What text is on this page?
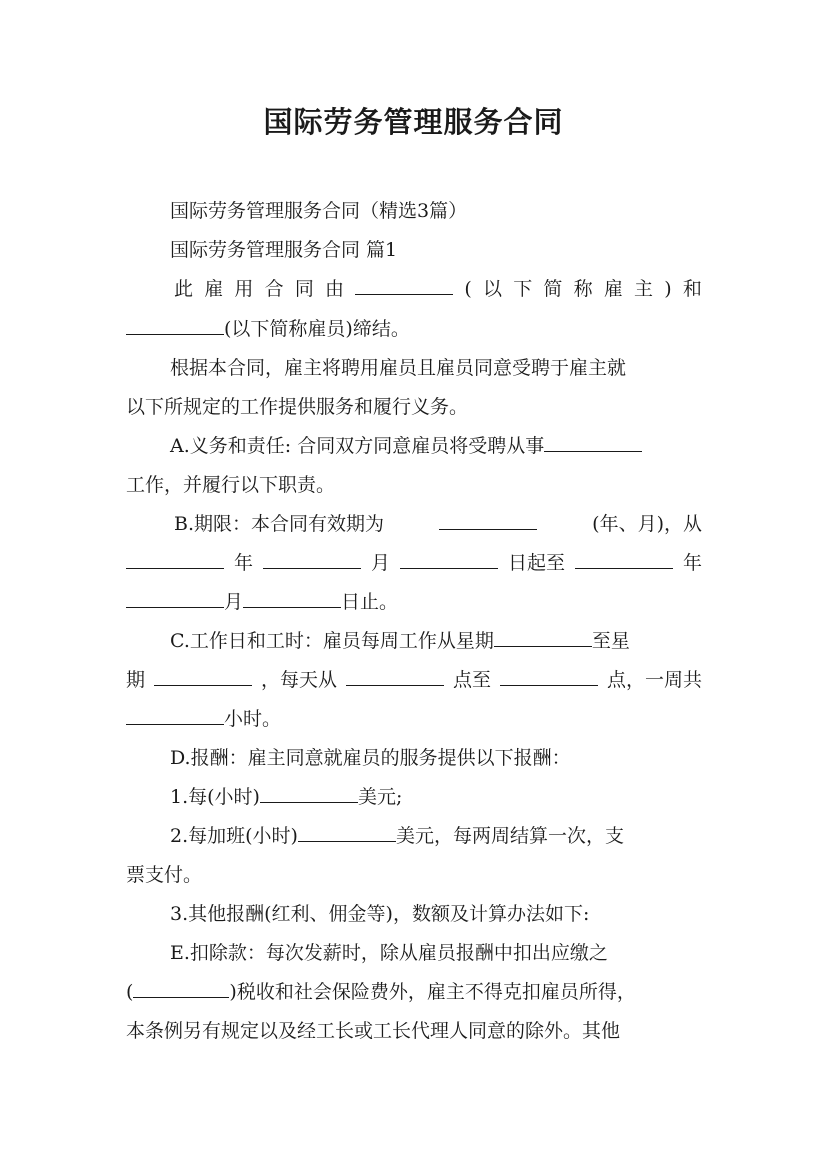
国际劳务管理服务合同
国际劳务管理服务合同（精选3篇）
国际劳务管理服务合同 篇1
此 雇 用 合 同 由	( 以 下 简 称 雇 主 ) 和
(以下简称雇员)缔结。
根据本合同，雇主将聘用雇员且雇员同意受聘于雇主就
以下所规定的工作提供服务和履行义务。
A.义务和责任: 合同双方同意雇员将受聘从事
工作，并履行以下职责。
B.期限：本合同有效期为	(年、月)，从
年	月	日起至	年
月	日止。
C.工作日和工时：雇员每周工作从星期	至星
期	，每天从	点至	点，一周共
小时。
D.报酬：雇主同意就雇员的服务提供以下报酬：
1.每(小时)	美元;
2.每加班(小时)	美元，每两周结算一次，支
票支付。
3.其他报酬(红利、佣金等)，数额及计算办法如下:
E.扣除款：每次发薪时，除从雇员报酬中扣出应缴之
(	)税收和社会保险费外，雇主不得克扣雇员所得，
本条例另有规定以及经工长或工长代理人同意的除外。其他
